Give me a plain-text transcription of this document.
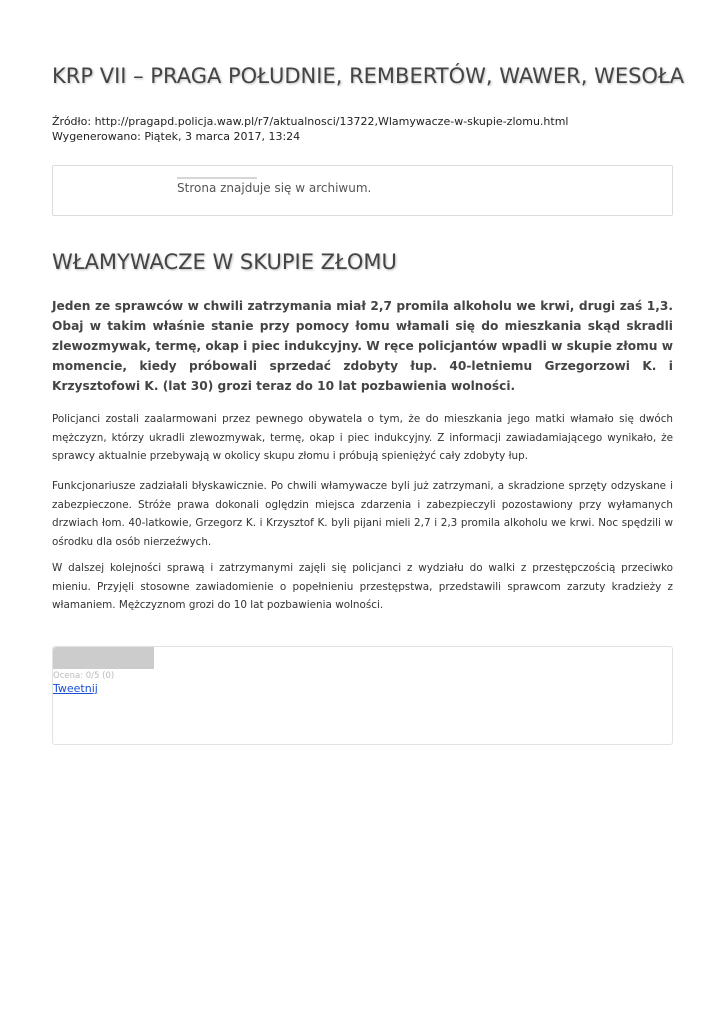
KRP VII – PRAGA POŁUDNIE, REMBERTÓW, WAWER, WESOŁA
Źródło: http://pragapd.policja.waw.pl/r7/aktualnosci/13722,Wlamywacze-w-skupie-zlomu.html
Wygenerowano: Piątek, 3 marca 2017, 13:24
Strona znajduje się w archiwum.
WŁAMYWACZE W SKUPIE ZŁOMU

Jeden ze sprawców w chwili zatrzymania miał 2,7 promila alkoholu we krwi, drugi zaś 1,3. Obaj w takim właśnie stanie przy pomocy łomu włamali się do mieszkania skąd skradli zlewozmywak, termę, okap i piec indukcyjny. W ręce policjantów wpadli w skupie złomu w momencie, kiedy próbowali sprzedać zdobyty łup. 40-letniemu Grzegorzowi K. i Krzysztofowi K. (lat 30) grozi teraz do 10 lat pozbawienia wolności.

Policjanci zostali zaalarmowani przez pewnego obywatela o tym, że do mieszkania jego matki włamało się dwóch mężczyzn, którzy ukradli zlewozmywak, termę, okap i piec indukcyjny. Z informacji zawiadamiającego wynikało, że sprawcy aktualnie przebywają w okolicy skupu złomu i próbują spieniężyć cały zdobyty łup.

Funkcjonariusze zadziałali błyskawicznie. Po chwili włamywacze byli już zatrzymani, a skradzione sprzęty odzyskane i zabezpieczone. Stróże prawa dokonali oględzin miejsca zdarzenia i zabezpieczyli pozostawiony przy wyłamanych drzwiach łom. 40-latkowie, Grzegorz K. i Krzysztof K. byli pijani mieli 2,7 i 2,3 promila alkoholu we krwi. Noc spędzili w ośrodku dla osób nierzeźwych.

W dalszej kolejności sprawą i zatrzymanymi zajęli się policjanci z wydziału do walki z przestępczością przeciwko mieniu. Przyjęli stosowne zawiadomienie o popełnieniu przestępstwa, przedstawili sprawcom zarzuty kradzieży z włamaniem. Mężczyznom grozi do 10 lat pozbawienia wolności.

Ocena: 0/5 (0)
Tweetnij
